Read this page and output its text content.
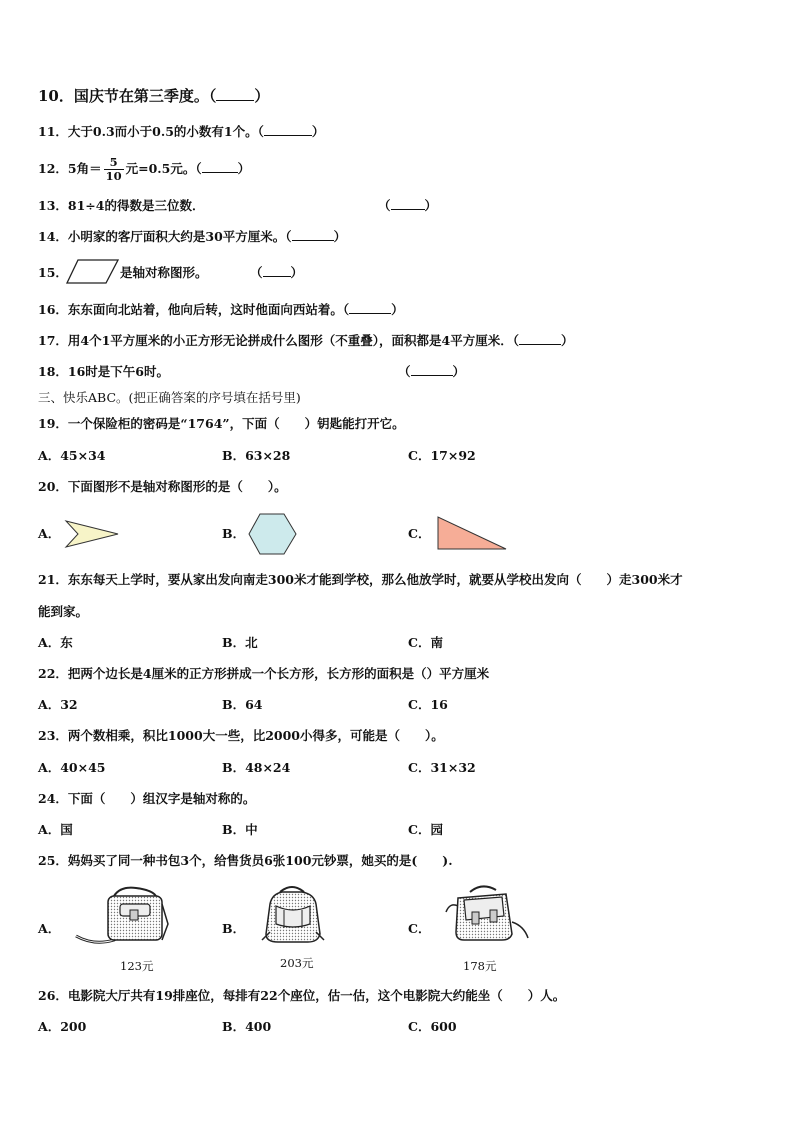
10．国庆节在第三季度。（	）
11．大于0.3而小于0.5的小数有1个。（	）
12．5角＝ $\frac{5}{10}$ 元=0.5元。（	）
13．81÷4的得数是三位数．	（	）
14．小明家的客厅面积大约是30平方厘米。（	）
15．	是轴对称图形。	（ ）
16．东东面向北站着，他向后转，这时他面向西站着。（	）
17．用4个1平方厘米的小正方形无论拼成什么图形（不重叠），面积都是4平方厘米．（	）
18．16时是下午6时。	（	）
三、快乐ABC。(把正确答案的序号填在括号里)
19．一个保险柜的密码是“1764”，下面（　　）钥匙能打开它。
A．45×34	B．63×28	C．17×92
20．下面图形不是轴对称图形的是（　　）。
A．	B．	C．
21．东东每天上学时，要从家出发向南走300米才能到学校，那么他放学时，就要从学校出发向（　　）走300米才
能到家。
A．东	B．北	C．南
22．把两个边长是4厘米的正方形拼成一个长方形，长方形的面积是（）平方厘米
A．32	B．64	C．16
23．两个数相乘，积比1000大一些，比2000小得多，可能是（　　）。
A．40×45	B．48×24	C．31×32
24．下面（　　）组汉字是轴对称的。
A．国	B．中	C．园
25．妈妈买了同一种书包3个，给售货员6张100元钞票，她买的是(　　).
A．
123元
B．
203元
C．
178元
26．电影院大厅共有19排座位，每排有22个座位，估一估，这个电影院大约能坐（　　）人。
A．200	B．400	C．600
